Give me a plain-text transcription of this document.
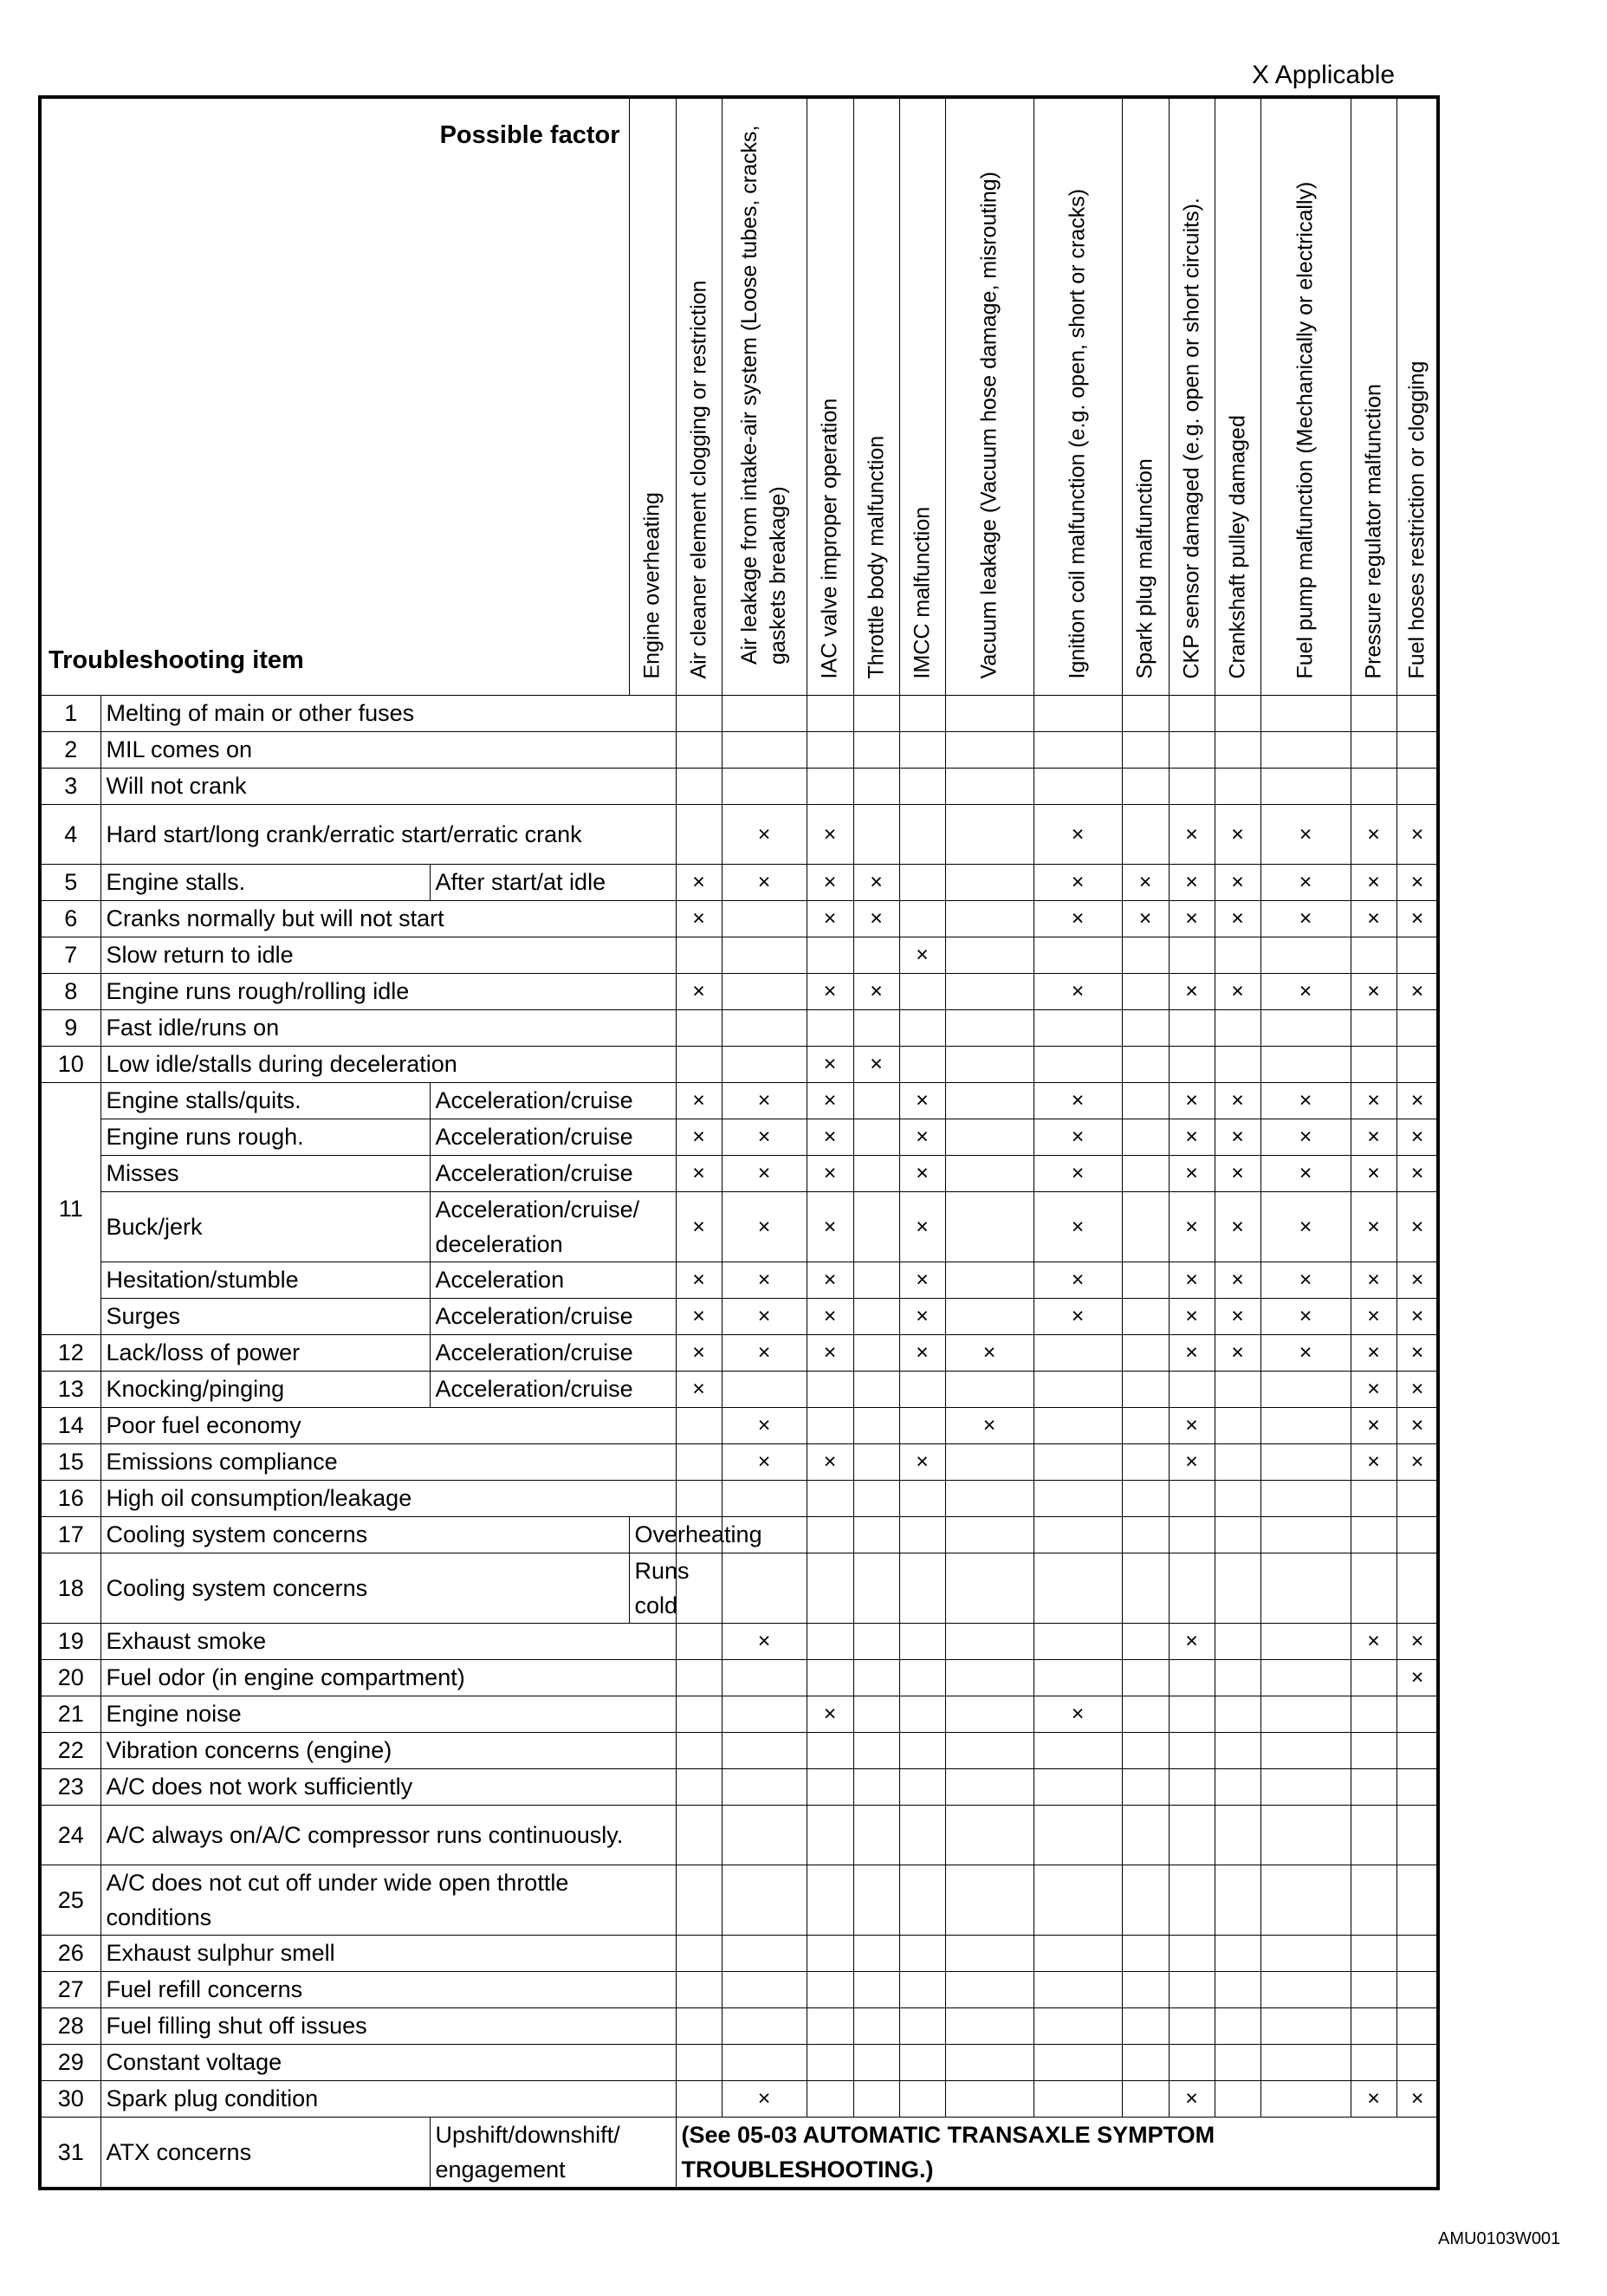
X Applicable
Possible factor
Troubleshooting item			Engine overheating	Air cleaner element clogging or restriction	Air leakage from intake-air system (Loose tubes, cracks, gaskets breakage)	IAC valve improper operation	Throttle body malfunction	IMCC malfunction	Vacuum leakage (Vacuum hose damage, misrouting)	Ignition coil malfunction (e.g. open, short or cracks)	Spark plug malfunction	CKP sensor damaged (e.g. open or short circuits).	Crankshaft pulley damaged	Fuel pump malfunction (Mechanically or electrically)	Pressure regulator malfunction	Fuel hoses restriction or clogging	

1	Melting of main or other fuses																
2	MIL comes on																
3	Will not crank																
4	Hard start/long crank/erratic start/erratic crank				×	×				×		×	×	×	×	×	
5	Engine stalls.	After start/at idle		×	×	×	×			×	×	×	×	×	×	×	
6	Cranks normally but will not start			×		×	×			×	×	×	×	×	×	×	
7	Slow return to idle							×									
8	Engine runs rough/rolling idle			×		×	×			×		×	×	×	×	×	
9	Fast idle/runs on																
10	Low idle/stalls during deceleration					×	×										
11	Engine stalls/quits.	Acceleration/cruise		×	×	×		×		×		×	×	×	×	×	
	Engine runs rough.	Acceleration/cruise		×	×	×		×		×		×	×	×	×	×	
	Misses	Acceleration/cruise		×	×	×		×		×		×	×	×	×	×	
	Buck/jerk	Acceleration/cruise/ deceleration		×	×	×		×		×		×	×	×	×	×	
	Hesitation/stumble	Acceleration		×	×	×		×		×		×	×	×	×	×	
	Surges	Acceleration/cruise		×	×	×		×		×		×	×	×	×	×	
12	Lack/loss of power	Acceleration/cruise		×	×	×		×	×			×	×	×	×	×	
13	Knocking/pinging	Acceleration/cruise		×											×	×	
14	Poor fuel economy				×				×			×			×	×	
15	Emissions compliance				×	×		×				×			×	×	
16	High oil consumption/leakage																
17	Cooling system concerns		Overheating														
18	Cooling system concerns		Runs cold														
19	Exhaust smoke				×							×			×	×	
20	Fuel odor (in engine compartment)															×	
21	Engine noise					×				×							
22	Vibration concerns (engine)																
23	A/C does not work sufficiently																
24	A/C always on/A/C compressor runs continuously.																
25	A/C does not cut off under wide open throttle conditions																
26	Exhaust sulphur smell																
27	Fuel refill concerns																
28	Fuel filling shut off issues																
29	Constant voltage																
30	Spark plug condition				×							×			×	×	
31	ATX concerns	Upshift/downshift/ engagement		(See 05-03 AUTOMATIC TRANSAXLE SYMPTOM TROUBLESHOOTING.)													
AMU0103W001
